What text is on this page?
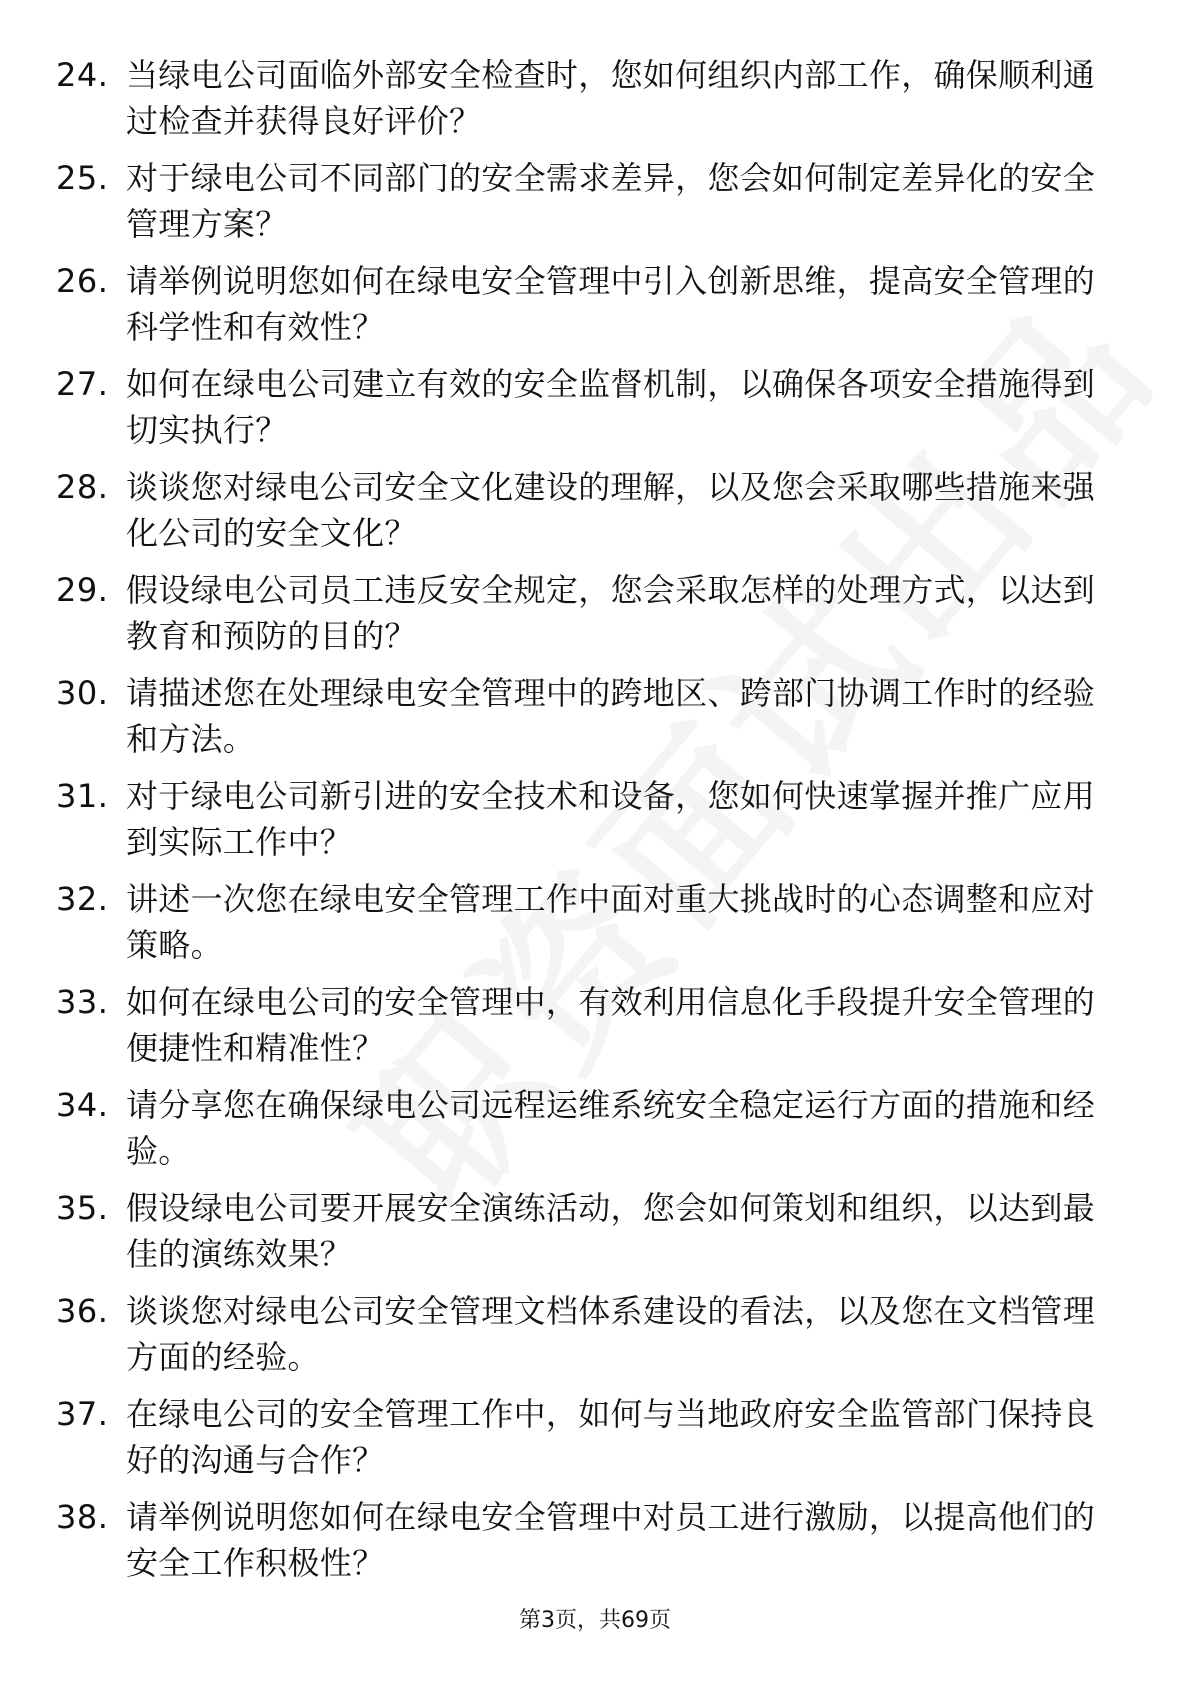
24. 当绿电公司面临外部安全检查时，您如何组织内部工作，确保顺利通过检查并获得良好评价？
25. 对于绿电公司不同部门的安全需求差异，您会如何制定差异化的安全管理方案？
26. 请举例说明您如何在绿电安全管理中引入创新思维，提高安全管理的科学性和有效性？
27. 如何在绿电公司建立有效的安全监督机制，以确保各项安全措施得到切实执行？
28. 谈谈您对绿电公司安全文化建设的理解，以及您会采取哪些措施来强化公司的安全文化？
29. 假设绿电公司员工违反安全规定，您会采取怎样的处理方式，以达到教育和预防的目的？
30. 请描述您在处理绿电安全管理中的跨地区、跨部门协调工作时的经验和方法。
31. 对于绿电公司新引进的安全技术和设备，您如何快速掌握并推广应用到实际工作中？
32. 讲述一次您在绿电安全管理工作中面对重大挑战时的心态调整和应对策略。
33. 如何在绿电公司的安全管理中，有效利用信息化手段提升安全管理的便捷性和精准性？
34. 请分享您在确保绿电公司远程运维系统安全稳定运行方面的措施和经验。
35. 假设绿电公司要开展安全演练活动，您会如何策划和组织，以达到最佳的演练效果？
36. 谈谈您对绿电公司安全管理文档体系建设的看法，以及您在文档管理方面的经验。
37. 在绿电公司的安全管理工作中，如何与当地政府安全监管部门保持良好的沟通与合作？
38. 请举例说明您如何在绿电安全管理中对员工进行激励，以提高他们的安全工作积极性？
第3页，共69页
